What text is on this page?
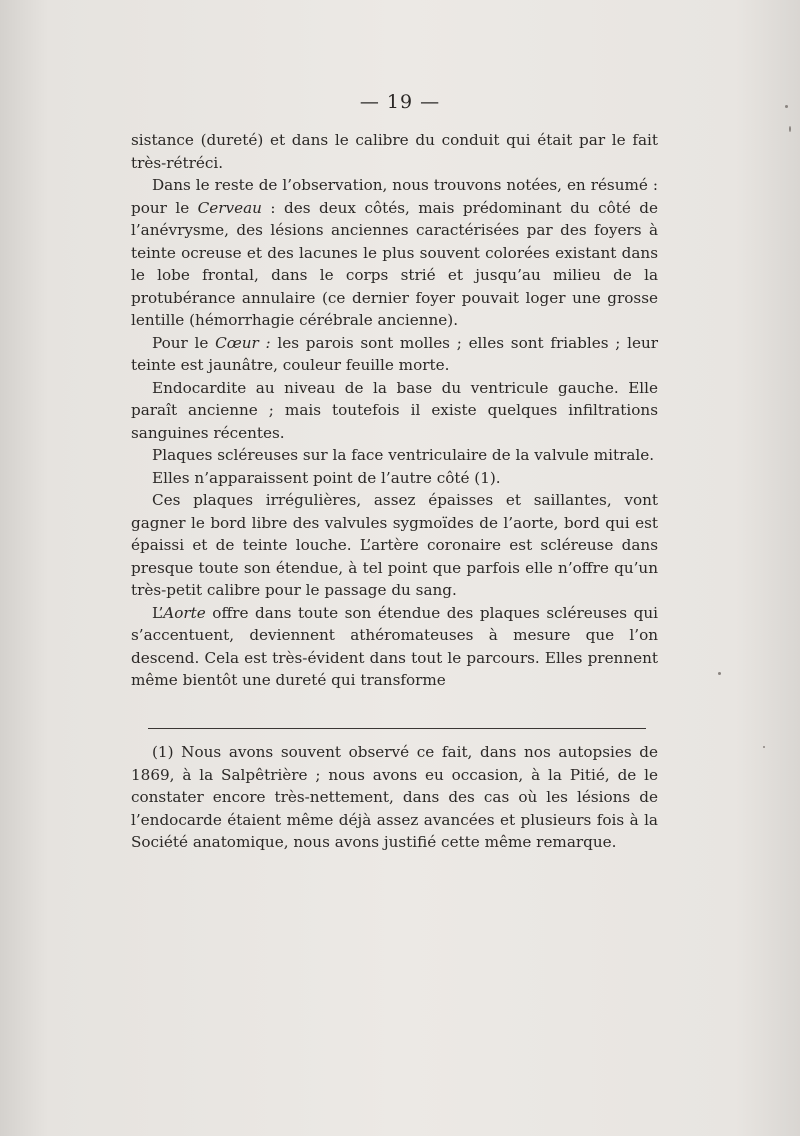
— 19 —

sistance (dureté) et dans le calibre du conduit qui était par le fait très-rétréci.

Dans le reste de l’observation, nous trouvons notées, en résumé : pour le Cerveau : des deux côtés, mais prédominant du côté de l’anévrysme, des lésions anciennes caractérisées par des foyers à teinte ocreuse et des lacunes le plus souvent colorées existant dans le lobe frontal, dans le corps strié et jusqu’au milieu de la protubérance annulaire (ce dernier foyer pouvait loger une grosse lentille (hémorrhagie cérébrale ancienne).

Pour le Cœur : les parois sont molles ; elles sont friables ; leur teinte est jaunâtre, couleur feuille morte.

Endocardite au niveau de la base du ventricule gauche. Elle paraît ancienne ; mais toutefois il existe quelques infiltrations sanguines récentes.

Plaques scléreuses sur la face ventriculaire de la valvule mitrale.

Elles n’apparaissent point de l’autre côté (1).

Ces plaques irrégulières, assez épaisses et saillantes, vont gagner le bord libre des valvules sygmoïdes de l’aorte, bord qui est épaissi et de teinte louche. L’artère coronaire est scléreuse dans presque toute son étendue, à tel point que parfois elle n’offre qu’un très-petit calibre pour le passage du sang.

L’Aorte offre dans toute son étendue des plaques scléreuses qui s’accentuent, deviennent athéromateuses à mesure que l’on descend. Cela est très-évident dans tout le parcours. Elles prennent même bientôt une dureté qui transforme

(1) Nous avons souvent observé ce fait, dans nos autopsies de 1869, à la Salpêtrière ; nous avons eu occasion, à la Pitié, de le constater encore très-nettement, dans des cas où les lésions de l’endocarde étaient même déjà assez avancées et plusieurs fois à la Société anatomique, nous avons justifié cette même remarque.
